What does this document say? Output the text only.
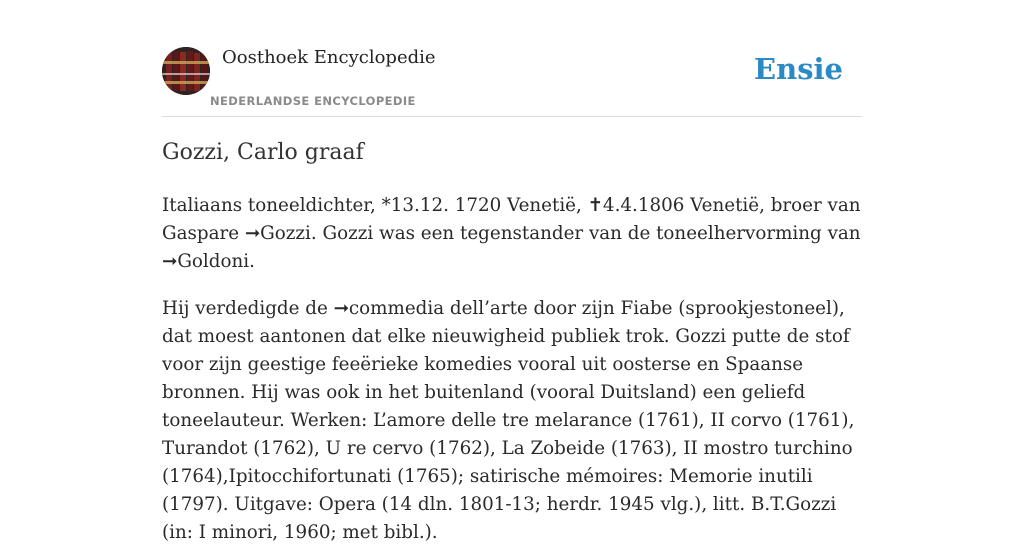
Oosthoek Encyclopedie
NEDERLANDSE ENCYCLOPEDIE
Ensie
Gozzi, Carlo graaf

Italiaans toneeldichter, *13.12. 1720 Venetië, ✝4.4.1806 Venetië, broer van Gaspare ➞Gozzi. Gozzi was een tegenstander van de toneelhervorming van ➞Goldoni.

Hij verdedigde de ➞commedia dell’arte door zijn Fiabe (sprookjestoneel), dat moest aantonen dat elke nieuwigheid publiek trok. Gozzi putte de stof voor zijn geestige feeërieke komedies vooral uit oosterse en Spaanse bronnen. Hij was ook in het buitenland (vooral Duitsland) een geliefd toneelauteur. Werken: L’amore delle tre melarance (1761), II corvo (1761), Turandot (1762), U re cervo (1762), La Zobeide (1763), II mostro turchino (1764),Ipitocchifortunati (1765); satirische mémoires: Memorie inutili (1797). Uitgave: Opera (14 dln. 1801-13; herdr. 1945 vlg.), litt. B.T.Gozzi (in: I minori, 1960; met bibl.).
